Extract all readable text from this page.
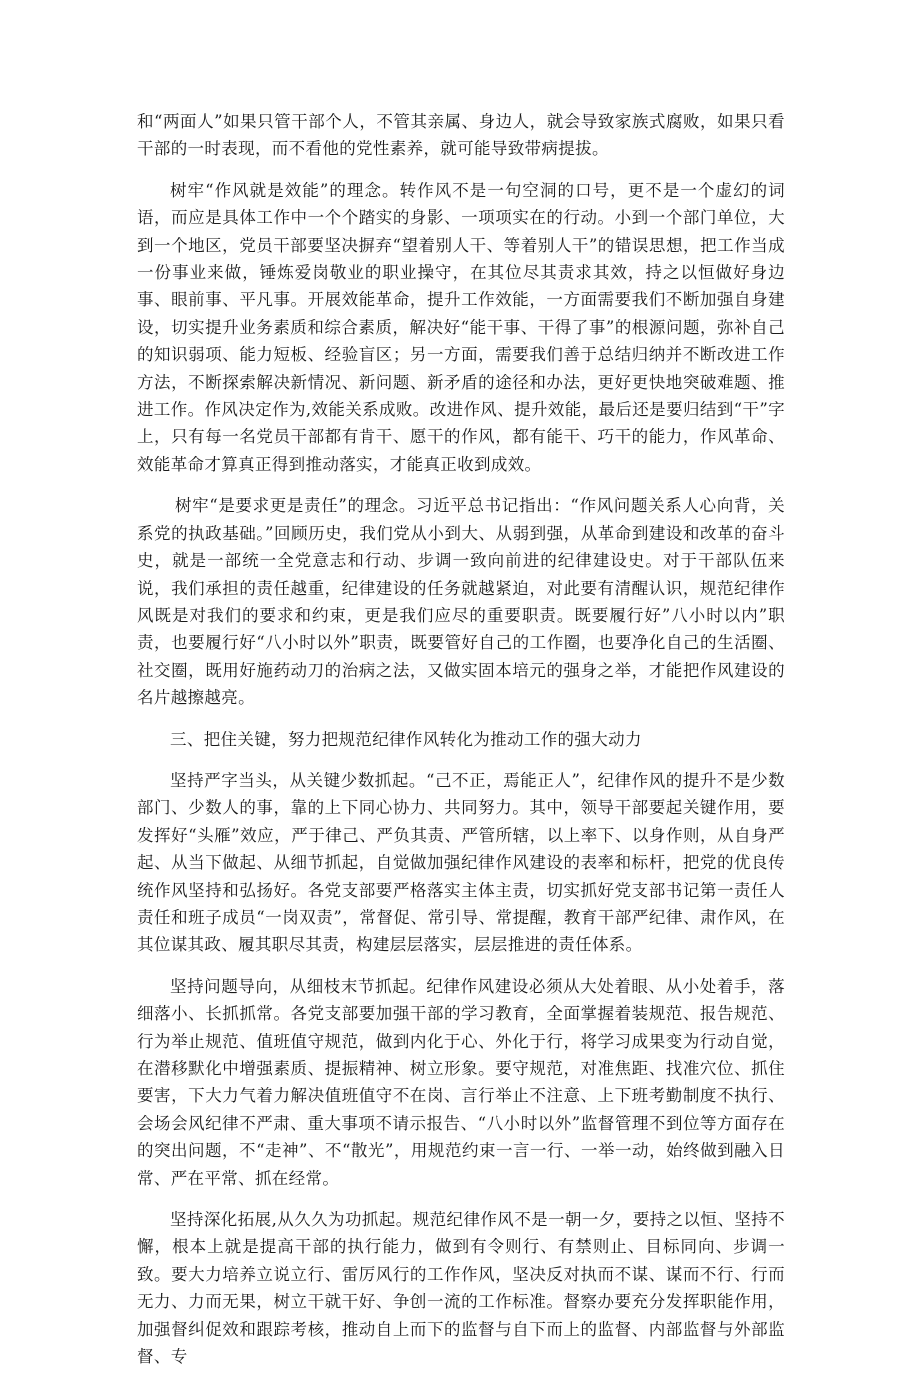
和“两面人”如果只管干部个人，不管其亲属、身边人，就会导致家族式腐败，如果只看干部的一时表现，而不看他的党性素养，就可能导致带病提拔。

树牢“作风就是效能”的理念。转作风不是一句空洞的口号，更不是一个虚幻的词语，而应是具体工作中一个个踏实的身影、一项项实在的行动。小到一个部门单位，大到一个地区，党员干部要坚决摒弃“望着别人干、等着别人干”的错误思想，把工作当成一份事业来做，锤炼爱岗敬业的职业操守，在其位尽其责求其效，持之以恒做好身边事、眼前事、平凡事。开展效能革命，提升工作效能，一方面需要我们不断加强自身建设，切实提升业务素质和综合素质，解决好“能干事、干得了事”的根源问题，弥补自己的知识弱项、能力短板、经验盲区；另一方面，需要我们善于总结归纳并不断改进工作方法，不断探索解决新情况、新问题、新矛盾的途径和办法，更好更快地突破难题、推进工作。作风决定作为,效能关系成败。改进作风、提升效能，最后还是要归结到“干”字上，只有每一名党员干部都有肯干、愿干的作风，都有能干、巧干的能力，作风革命、效能革命才算真正得到推动落实，才能真正收到成效。

树牢“是要求更是责任”的理念。习近平总书记指出：“作风问题关系人心向背，关系党的执政基础。”回顾历史，我们党从小到大、从弱到强，从革命到建设和改革的奋斗史，就是一部统一全党意志和行动、步调一致向前进的纪律建设史。对于干部队伍来说，我们承担的责任越重，纪律建设的任务就越紧迫，对此要有清醒认识，规范纪律作风既是对我们的要求和约束，更是我们应尽的重要职责。既要履行好”八小时以内”职责，也要履行好“八小时以外”职责，既要管好自己的工作圈，也要净化自己的生活圈、社交圈，既用好施药动刀的治病之法，又做实固本培元的强身之举，才能把作风建设的名片越擦越亮。

三、把住关键，努力把规范纪律作风转化为推动工作的强大动力

坚持严字当头，从关键少数抓起。“己不正，焉能正人”，纪律作风的提升不是少数部门、少数人的事，靠的上下同心协力、共同努力。其中，领导干部要起关键作用，要发挥好“头雁”效应，严于律己、严负其责、严管所辖，以上率下、以身作则，从自身严起、从当下做起、从细节抓起，自觉做加强纪律作风建设的表率和标杆，把党的优良传统作风坚持和弘扬好。各党支部要严格落实主体主责，切实抓好党支部书记第一责任人责任和班子成员“一岗双责”，常督促、常引导、常提醒，教育干部严纪律、肃作风，在其位谋其政、履其职尽其责，构建层层落实，层层推进的责任体系。

坚持问题导向，从细枝末节抓起。纪律作风建设必须从大处着眼、从小处着手，落细落小、长抓抓常。各党支部要加强干部的学习教育，全面掌握着装规范、报告规范、行为举止规范、值班值守规范，做到内化于心、外化于行，将学习成果变为行动自觉，在潜移默化中增强素质、提振精神、树立形象。要守规范，对准焦距、找准穴位、抓住要害，下大力气着力解决值班值守不在岗、言行举止不注意、上下班考勤制度不执行、会场会风纪律不严肃、重大事项不请示报告、“八小时以外”监督管理不到位等方面存在的突出问题，不“走神”、不“散光”，用规范约束一言一行、一举一动，始终做到融入日常、严在平常、抓在经常。

坚持深化拓展,从久久为功抓起。规范纪律作风不是一朝一夕，要持之以恒、坚持不懈，根本上就是提高干部的执行能力，做到有令则行、有禁则止、目标同向、步调一致。要大力培养立说立行、雷厉风行的工作作风，坚决反对执而不谋、谋而不行、行而无力、力而无果，树立干就干好、争创一流的工作标准。督察办要充分发挥职能作用，加强督纠促效和跟踪考核，推动自上而下的监督与自下而上的监督、内部监督与外部监督、专
